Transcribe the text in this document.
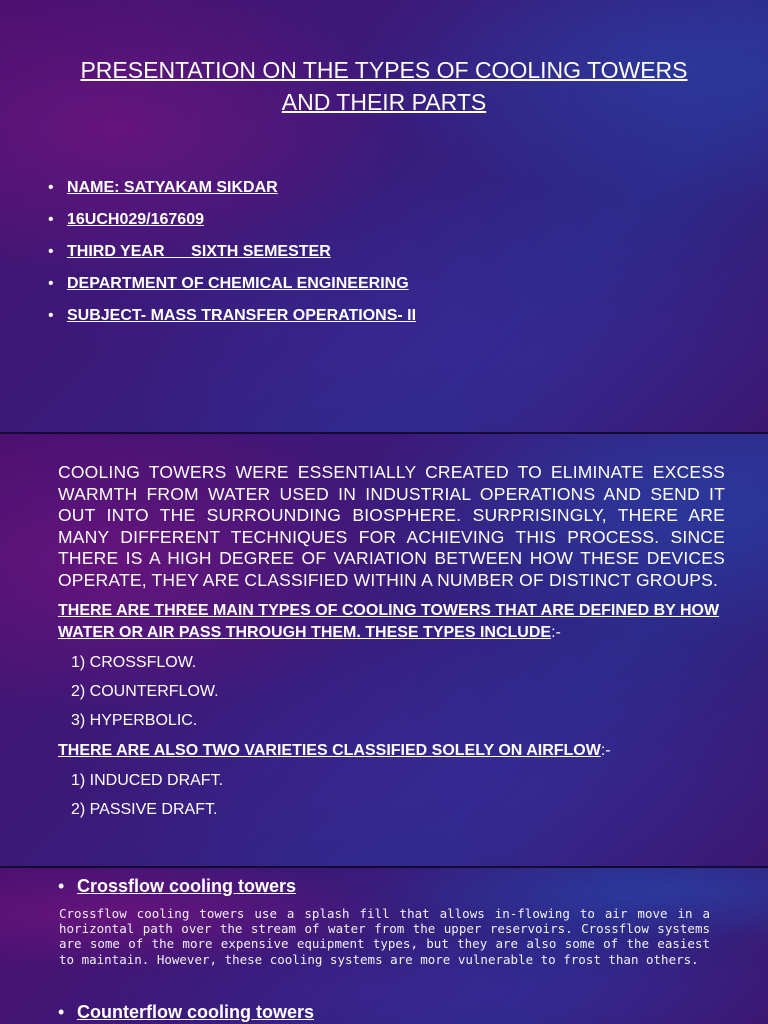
PRESENTATION ON THE TYPES OF COOLING TOWERS
AND THEIR PARTS
• NAME: SATYAKAM SIKDAR
• 16UCH029/167609
• THIRD YEAR      SIXTH SEMESTER
• DEPARTMENT OF CHEMICAL ENGINEERING
• SUBJECT- MASS TRANSFER OPERATIONS- II
COOLING TOWERS WERE ESSENTIALLY CREATED TO ELIMINATE EXCESS WARMTH FROM WATER USED IN INDUSTRIAL OPERATIONS AND SEND IT OUT INTO THE SURROUNDING BIOSPHERE. SURPRISINGLY, THERE ARE MANY DIFFERENT TECHNIQUES FOR ACHIEVING THIS PROCESS. SINCE THERE IS A HIGH DEGREE OF VARIATION BETWEEN HOW THESE DEVICES OPERATE, THEY ARE CLASSIFIED WITHIN A NUMBER OF DISTINCT GROUPS.
THERE ARE THREE MAIN TYPES OF COOLING TOWERS THAT ARE DEFINED BY HOW WATER OR AIR PASS THROUGH THEM. THESE TYPES INCLUDE:-
1) CROSSFLOW.
2) COUNTERFLOW.
3) HYPERBOLIC.
THERE ARE ALSO TWO VARIETIES CLASSIFIED SOLELY ON AIRFLOW:-
1) INDUCED DRAFT.
2) PASSIVE DRAFT.
• Crossflow cooling towers
Crossflow cooling towers use a splash fill that allows in-flowing to air move in a horizontal path over the stream of water from the upper reservoirs. Crossflow systems are some of the more expensive equipment types, but they are also some of the easiest to maintain. However, these cooling systems are more vulnerable to frost than others.
• Counterflow cooling towers
